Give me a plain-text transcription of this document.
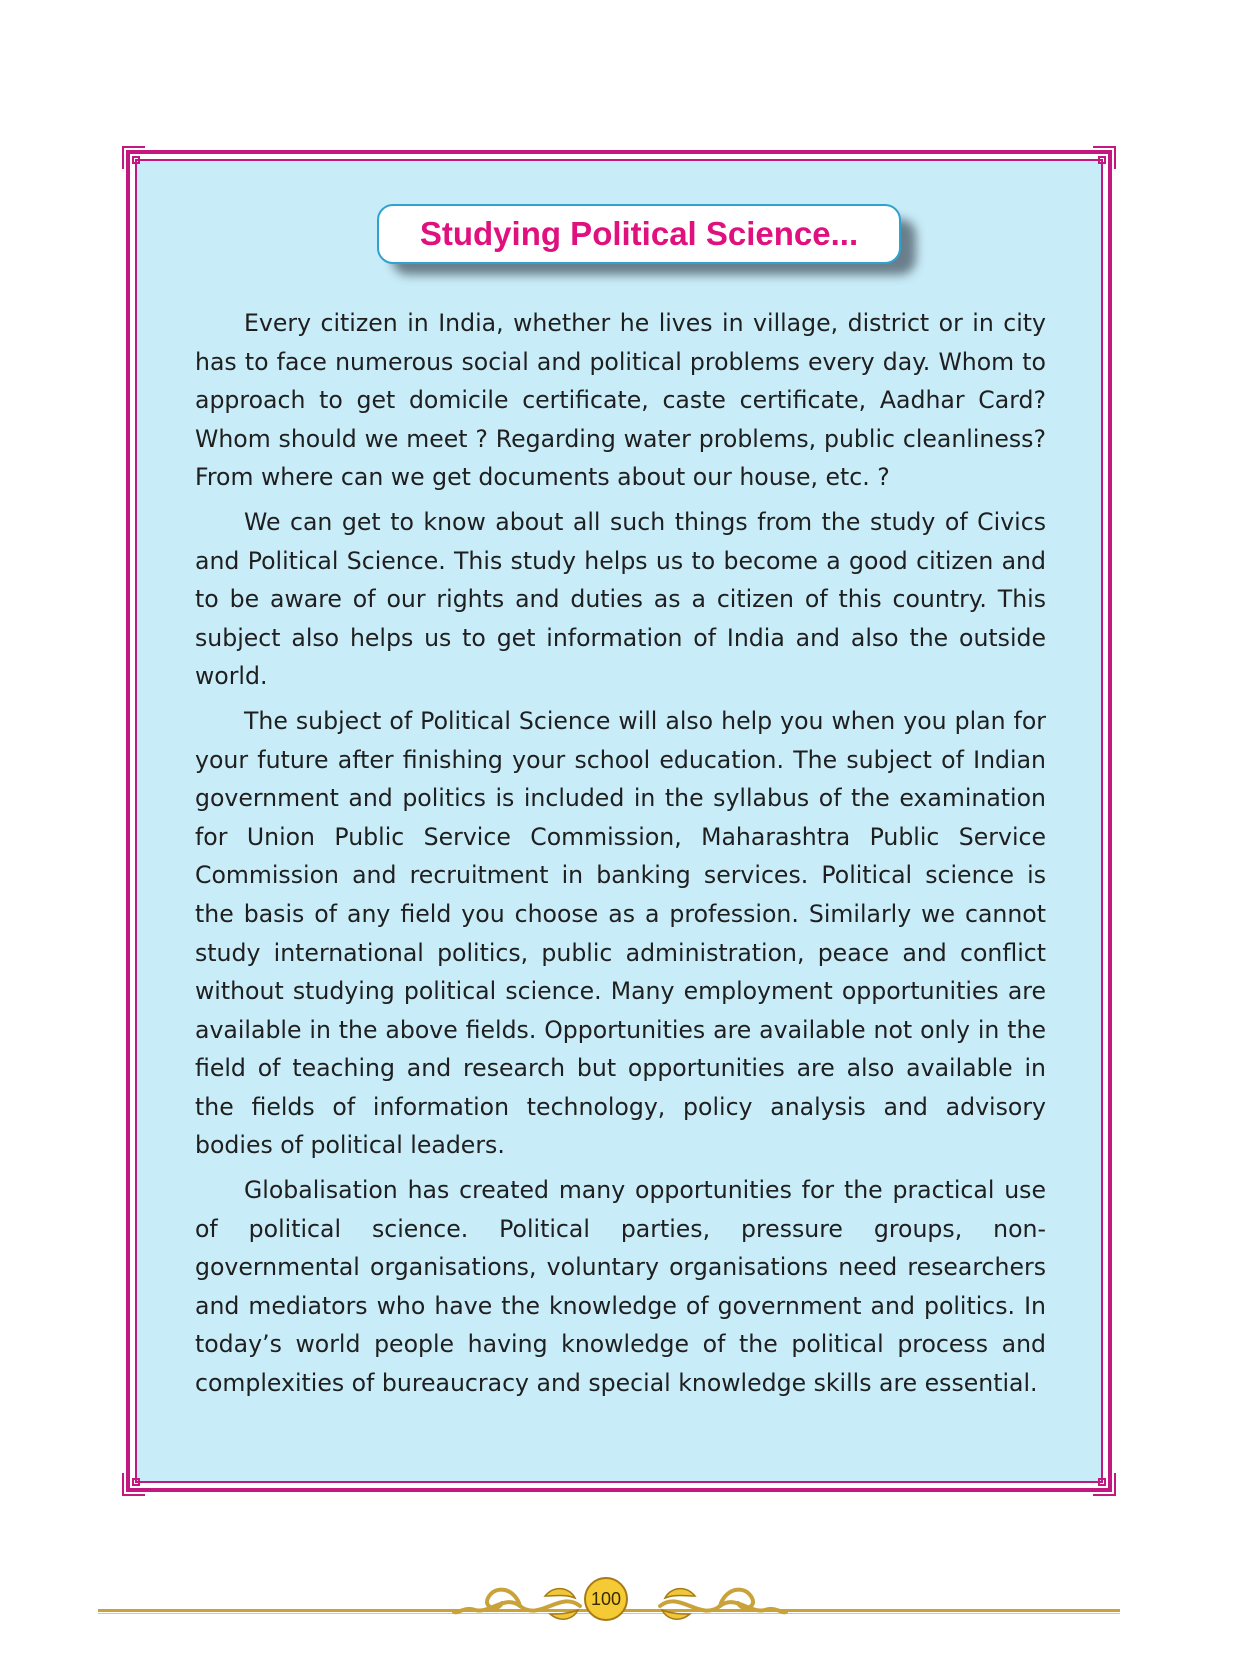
Studying Political Science...

Every citizen in India, whether he lives in village, district or in city has to face numerous social and political problems every day. Whom to approach to get domicile certificate, caste certificate, Aadhar Card? Whom should we meet ? Regarding water problems, public cleanliness? From where can we get documents about our house, etc. ?

We can get to know about all such things from the study of Civics and Political Science. This study helps us to become a good citizen and to be aware of our rights and duties as a citizen of this country. This subject also helps us to get information of India and also the outside world.

The subject of Political Science will also help you when you plan for your future after finishing your school education. The subject of Indian government and politics is included in the syllabus of the examination for Union Public Service Commission, Maharashtra Public Service Commission and recruitment in banking services. Political science is the basis of any field you choose as a profession. Similarly we cannot study international politics, public administration, peace and conflict without studying political science. Many employment opportunities are available in the above fields. Opportunities are available not only in the field of teaching and research but opportunities are also available in the fields of information technology, policy analysis and advisory bodies of political leaders.

Globalisation has created many opportunities for the practical use of political science. Political parties, pressure groups, non-governmental organisations, voluntary organisations need researchers and mediators who have the knowledge of government and politics. In today’s world people having knowledge of the political process and complexities of bureaucracy and special knowledge skills are essential.

100
